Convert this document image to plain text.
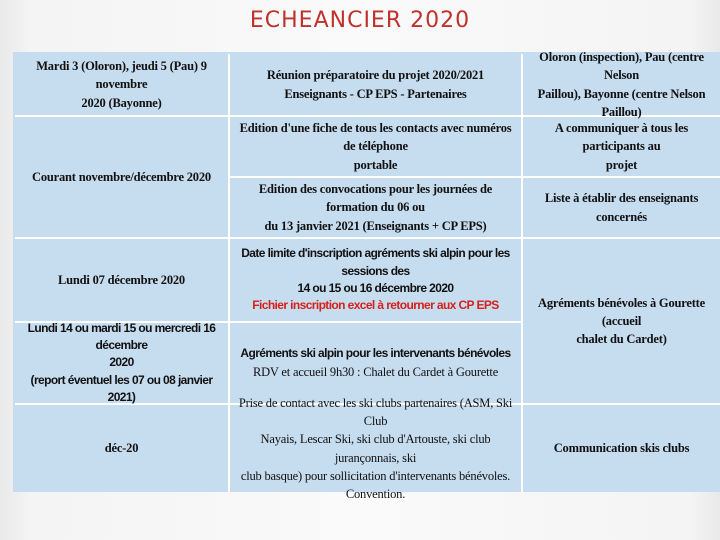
ECHEANCIER 2020
Mardi 3 (Oloron), jeudi 5 (Pau) 9 novembre
2020 (Bayonne)
Réunion préparatoire du projet 2020/2021
Enseignants - CP EPS - Partenaires
Oloron (inspection), Pau (centre Nelson
Paillou), Bayonne (centre Nelson Paillou)
Courant novembre/décembre 2020
Edition d'une fiche de tous les contacts avec numéros de téléphone
portable
A communiquer à tous les participants au
projet
Edition des convocations pour les journées de formation du 06 ou
du 13 janvier 2021 (Enseignants + CP EPS)
Liste à établir des enseignants concernés
Lundi 07 décembre 2020
Date limite d'inscription agréments ski alpin pour les sessions des
14 ou 15 ou 16 décembre 2020
Fichier inscription excel à retourner aux CP EPS	Agréments bénévoles à Gourette (accueil
chalet du Cardet)
Lundi 14 ou mardi 15 ou mercredi 16 décembre
2020
(report éventuel les 07 ou 08 janvier 2021)
Agréments ski alpin pour les intervenants bénévoles
RDV et accueil 9h30 : Chalet du Cardet à Gourette
déc-20
Prise de contact avec les ski clubs partenaires (ASM, Ski Club
Nayais, Lescar Ski, ski club d'Artouste, ski club jurançonnais, ski
club basque) pour sollicitation d'intervenants bénévoles.
Convention.
Communication skis clubs
